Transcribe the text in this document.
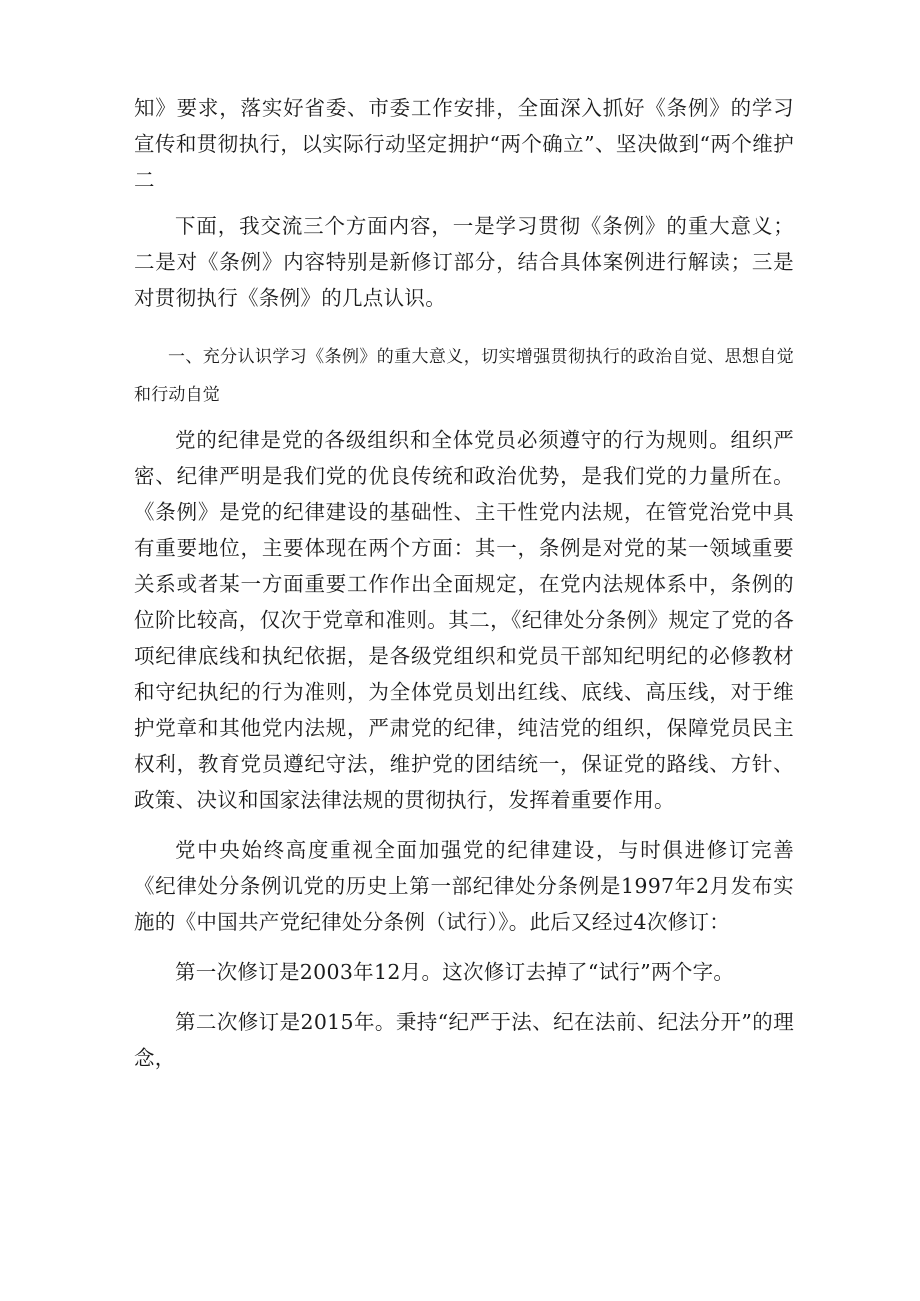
知》要求，落实好省委、市委工作安排，全面深入抓好《条例》的学习宣传和贯彻执行，以实际行动坚定拥护“两个确立”、坚决做到“两个维护二

下面，我交流三个方面内容，一是学习贯彻《条例》的重大意义；二是对《条例》内容特别是新修订部分，结合具体案例进行解读；三是对贯彻执行《条例》的几点认识。

一、充分认识学习《条例》的重大意义，切实增强贯彻执行的政治自觉、思想自觉和行动自觉

党的纪律是党的各级组织和全体党员必须遵守的行为规则。组织严密、纪律严明是我们党的优良传统和政治优势，是我们党的力量所在。《条例》是党的纪律建设的基础性、主干性党内法规，在管党治党中具有重要地位，主要体现在两个方面：其一，条例是对党的某一领域重要关系或者某一方面重要工作作出全面规定，在党内法规体系中，条例的位阶比较高，仅次于党章和准则。其二，《纪律处分条例》规定了党的各项纪律底线和执纪依据，是各级党组织和党员干部知纪明纪的必修教材和守纪执纪的行为准则，为全体党员划出红线、底线、高压线，对于维护党章和其他党内法规，严肃党的纪律，纯洁党的组织，保障党员民主权利，教育党员遵纪守法，维护党的团结统一，保证党的路线、方针、政策、决议和国家法律法规的贯彻执行，发挥着重要作用。

党中央始终高度重视全面加强党的纪律建设，与时俱进修订完善《纪律处分条例讥党的历史上第一部纪律处分条例是1997年2月发布实施的《中国共产党纪律处分条例（试行）》。此后又经过4次修订：

第一次修订是2003年12月。这次修订去掉了“试行”两个字。

第二次修订是2015年。秉持“纪严于法、纪在法前、纪法分开”的理念，
